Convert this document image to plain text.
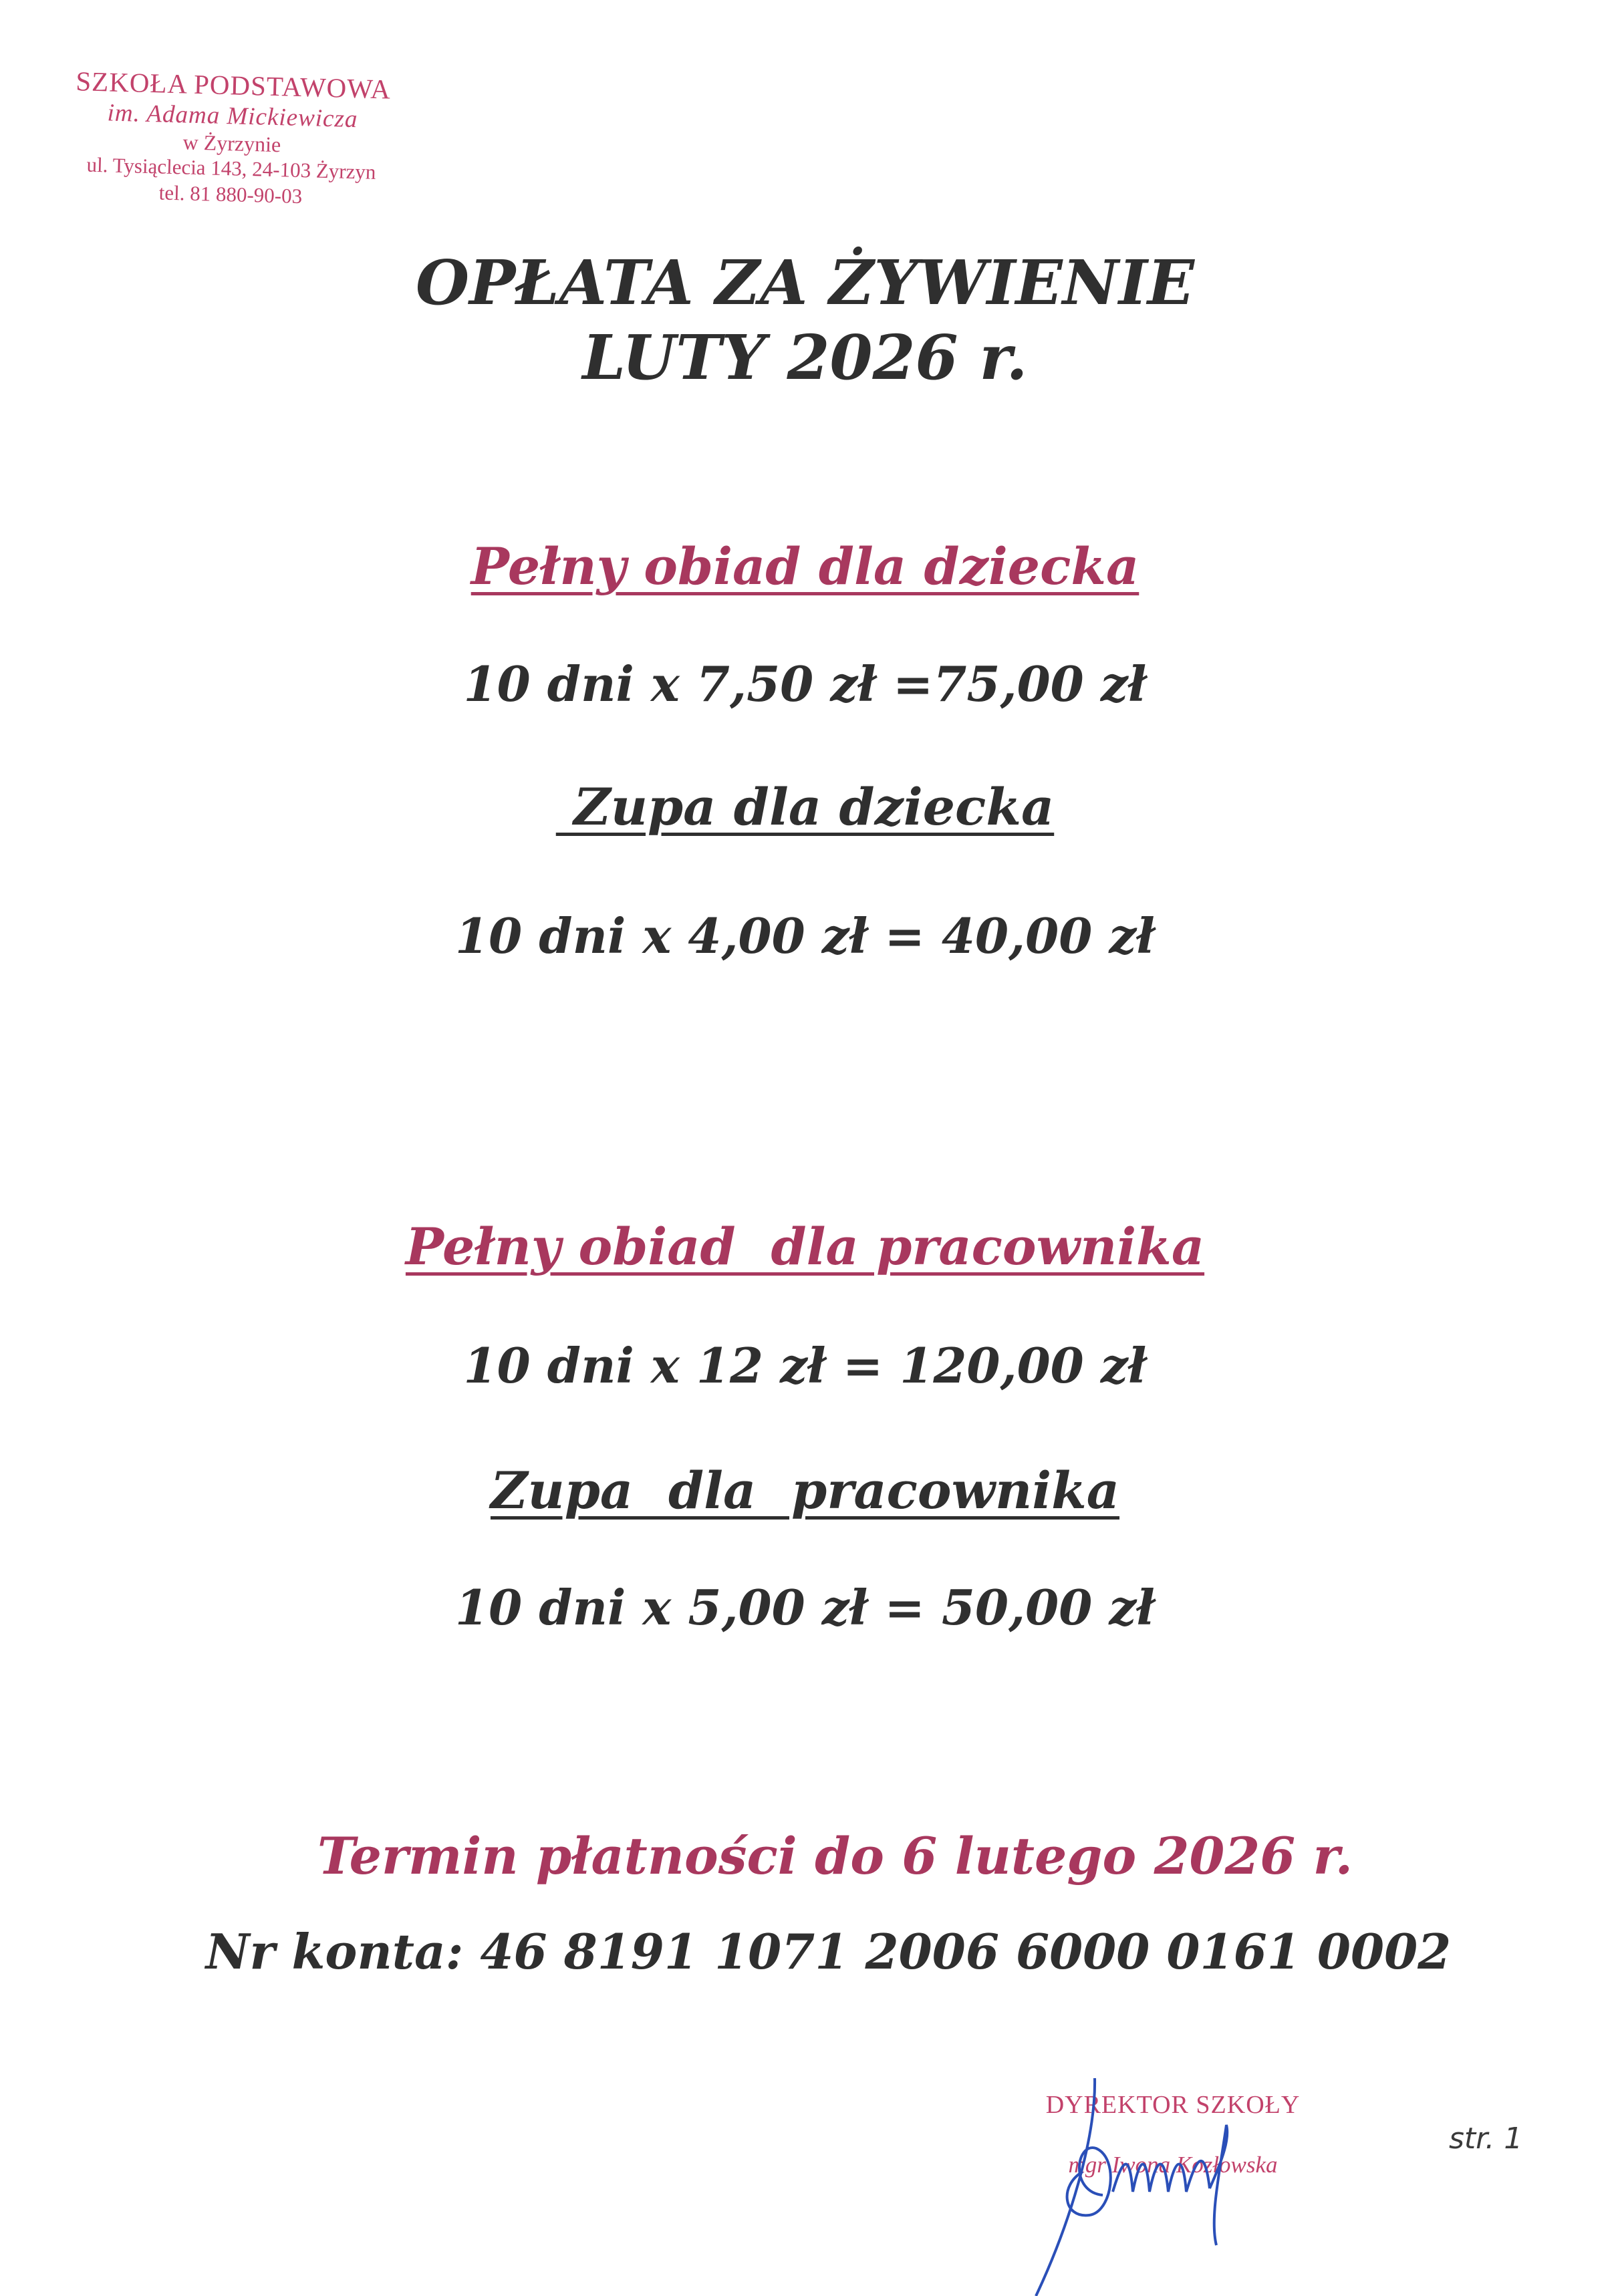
SZKOŁA PODSTAWOWA
im. Adama Mickiewicza
w Żyrzynie
ul. Tysiąclecia 143, 24-103 Żyrzyn
tel. 81 880-90-03
OPŁATA ZA ŻYWIENIE
LUTY 2026 r.
Pełny obiad dla dziecka
10 dni x 7,50 zł =75,00 zł
Zupa dla dziecka
10 dni x 4,00 zł = 40,00 zł
Pełny obiad  dla pracownika
10 dni x 12 zł = 120,00 zł
Zupa  dla  pracownika
10 dni x 5,00 zł = 50,00 zł
Termin płatności do 6 lutego 2026 r.
Nr konta: 46 8191 1071 2006 6000 0161 0002
DYREKTOR SZKOŁY
mgr Iwona Kozłowska
str. 1
